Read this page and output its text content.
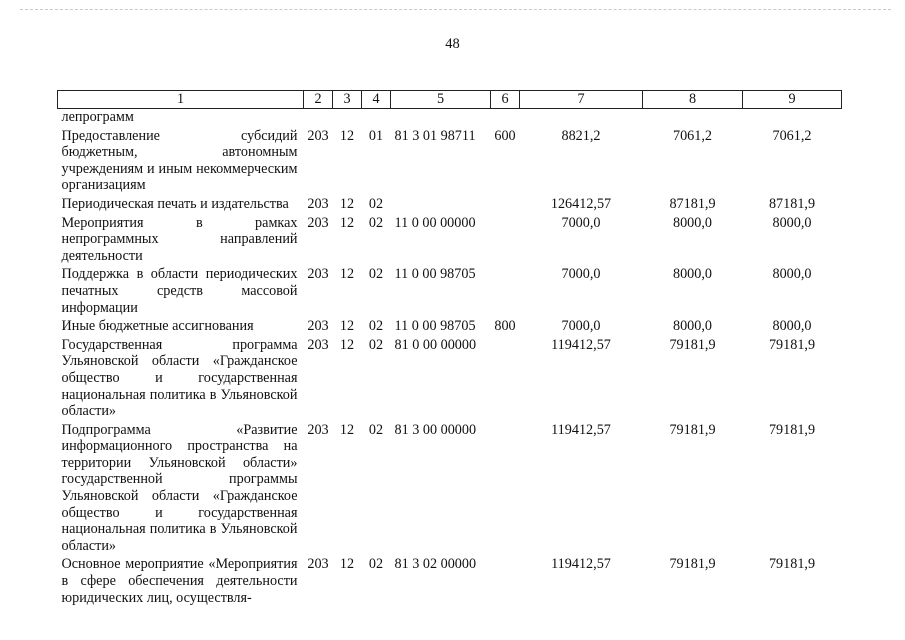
48
1	2	3	4	5	6	7	8	9
лепрограмм								
Предоставление субсидий бюджетным, автономным учреждениям и иным некоммерческим организациям	203	12	01	81 3 01 98711	600	8821,2	7061,2	7061,2
Периодическая печать и издательства	203	12	02			126412,57	87181,9	87181,9
Мероприятия в рамках непрограммных направлений деятельности	203	12	02	11 0 00 00000		7000,0	8000,0	8000,0
Поддержка в области периодических печатных средств массовой информации	203	12	02	11 0 00 98705		7000,0	8000,0	8000,0
Иные бюджетные ассигнования	203	12	02	11 0 00 98705	800	7000,0	8000,0	8000,0
Государственная программа Ульяновской области «Гражданское общество и государственная национальная политика в Ульяновской области»	203	12	02	81 0 00 00000		119412,57	79181,9	79181,9
Подпрограмма «Развитие информационного пространства на территории Ульяновской области» государственной программы Ульяновской области «Гражданское общество и государственная национальная политика в Ульяновской области»	203	12	02	81 3 00 00000		119412,57	79181,9	79181,9
Основное мероприятие «Мероприятия в сфере обеспечения деятельности юридических лиц, осуществля-	203	12	02	81 3 02 00000		119412,57	79181,9	79181,9
